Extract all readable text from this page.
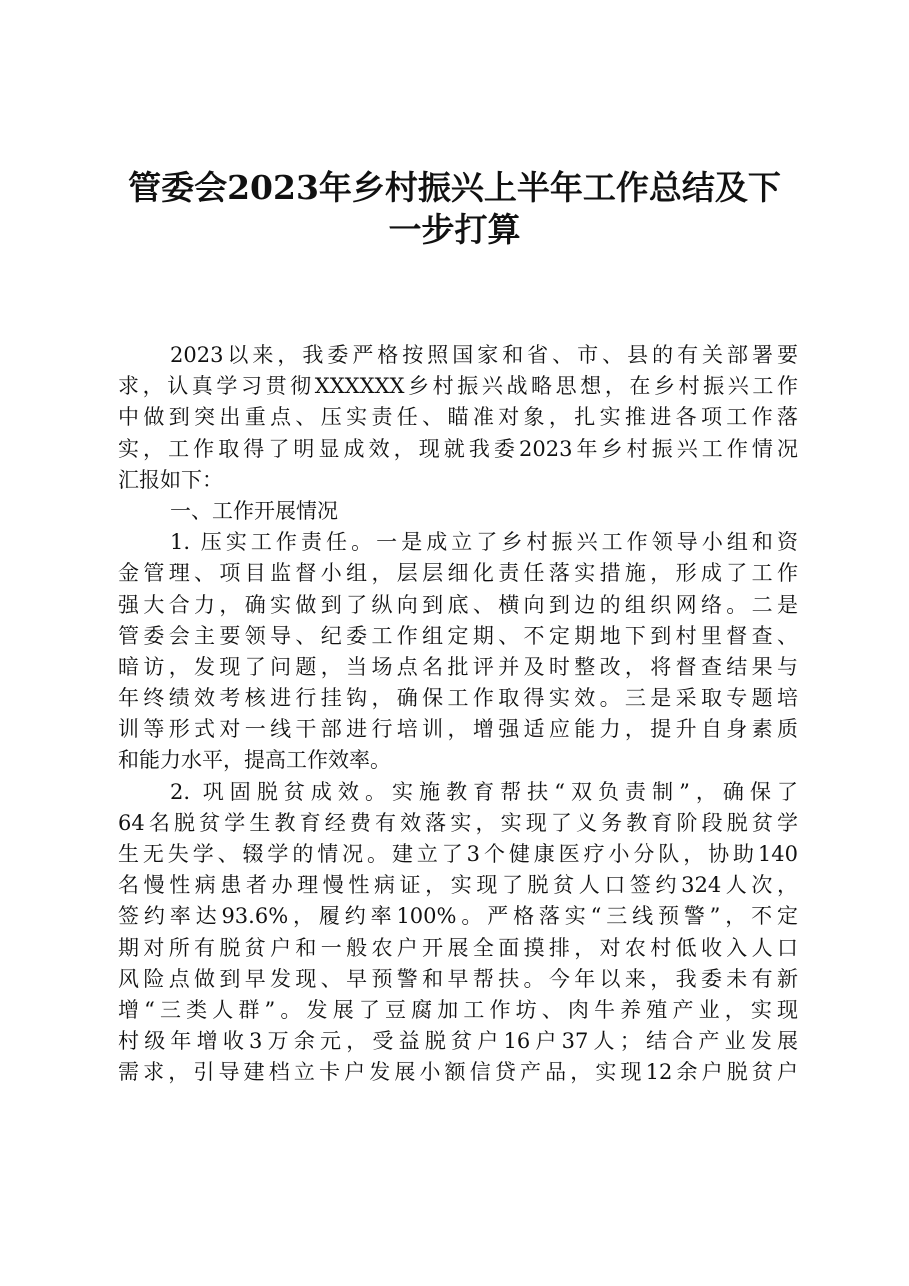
管委会2023年乡村振兴上半年工作总结及下
一步打算
2023以来，我委严格按照国家和省、市、县的有关部署要
求，认真学习贯彻XXXXXX乡村振兴战略思想，在乡村振兴工作
中做到突出重点、压实责任、瞄准对象，扎实推进各项工作落
实，工作取得了明显成效，现就我委2023年乡村振兴工作情况
汇报如下：
一、工作开展情况
1. 压实工作责任。一是成立了乡村振兴工作领导小组和资
金管理、项目监督小组，层层细化责任落实措施，形成了工作
强大合力，确实做到了纵向到底、横向到边的组织网络。二是
管委会主要领导、纪委工作组定期、不定期地下到村里督查、
暗访，发现了问题，当场点名批评并及时整改，将督查结果与
年终绩效考核进行挂钩，确保工作取得实效。三是采取专题培
训等形式对一线干部进行培训，增强适应能力，提升自身素质
和能力水平，提高工作效率。
2. 巩固脱贫成效。实施教育帮扶“双负责制”，确保了
64名脱贫学生教育经费有效落实，实现了义务教育阶段脱贫学
生无失学、辍学的情况。建立了3个健康医疗小分队，协助140
名慢性病患者办理慢性病证，实现了脱贫人口签约324人次，
签约率达93.6%，履约率100%。严格落实“三线预警”，不定
期对所有脱贫户和一般农户开展全面摸排，对农村低收入人口
风险点做到早发现、早预警和早帮扶。今年以来，我委未有新
增“三类人群”。发展了豆腐加工作坊、肉牛养殖产业，实现
村级年增收3万余元，受益脱贫户16户37人；结合产业发展
需求，引导建档立卡户发展小额信贷产品，实现12余户脱贫户
